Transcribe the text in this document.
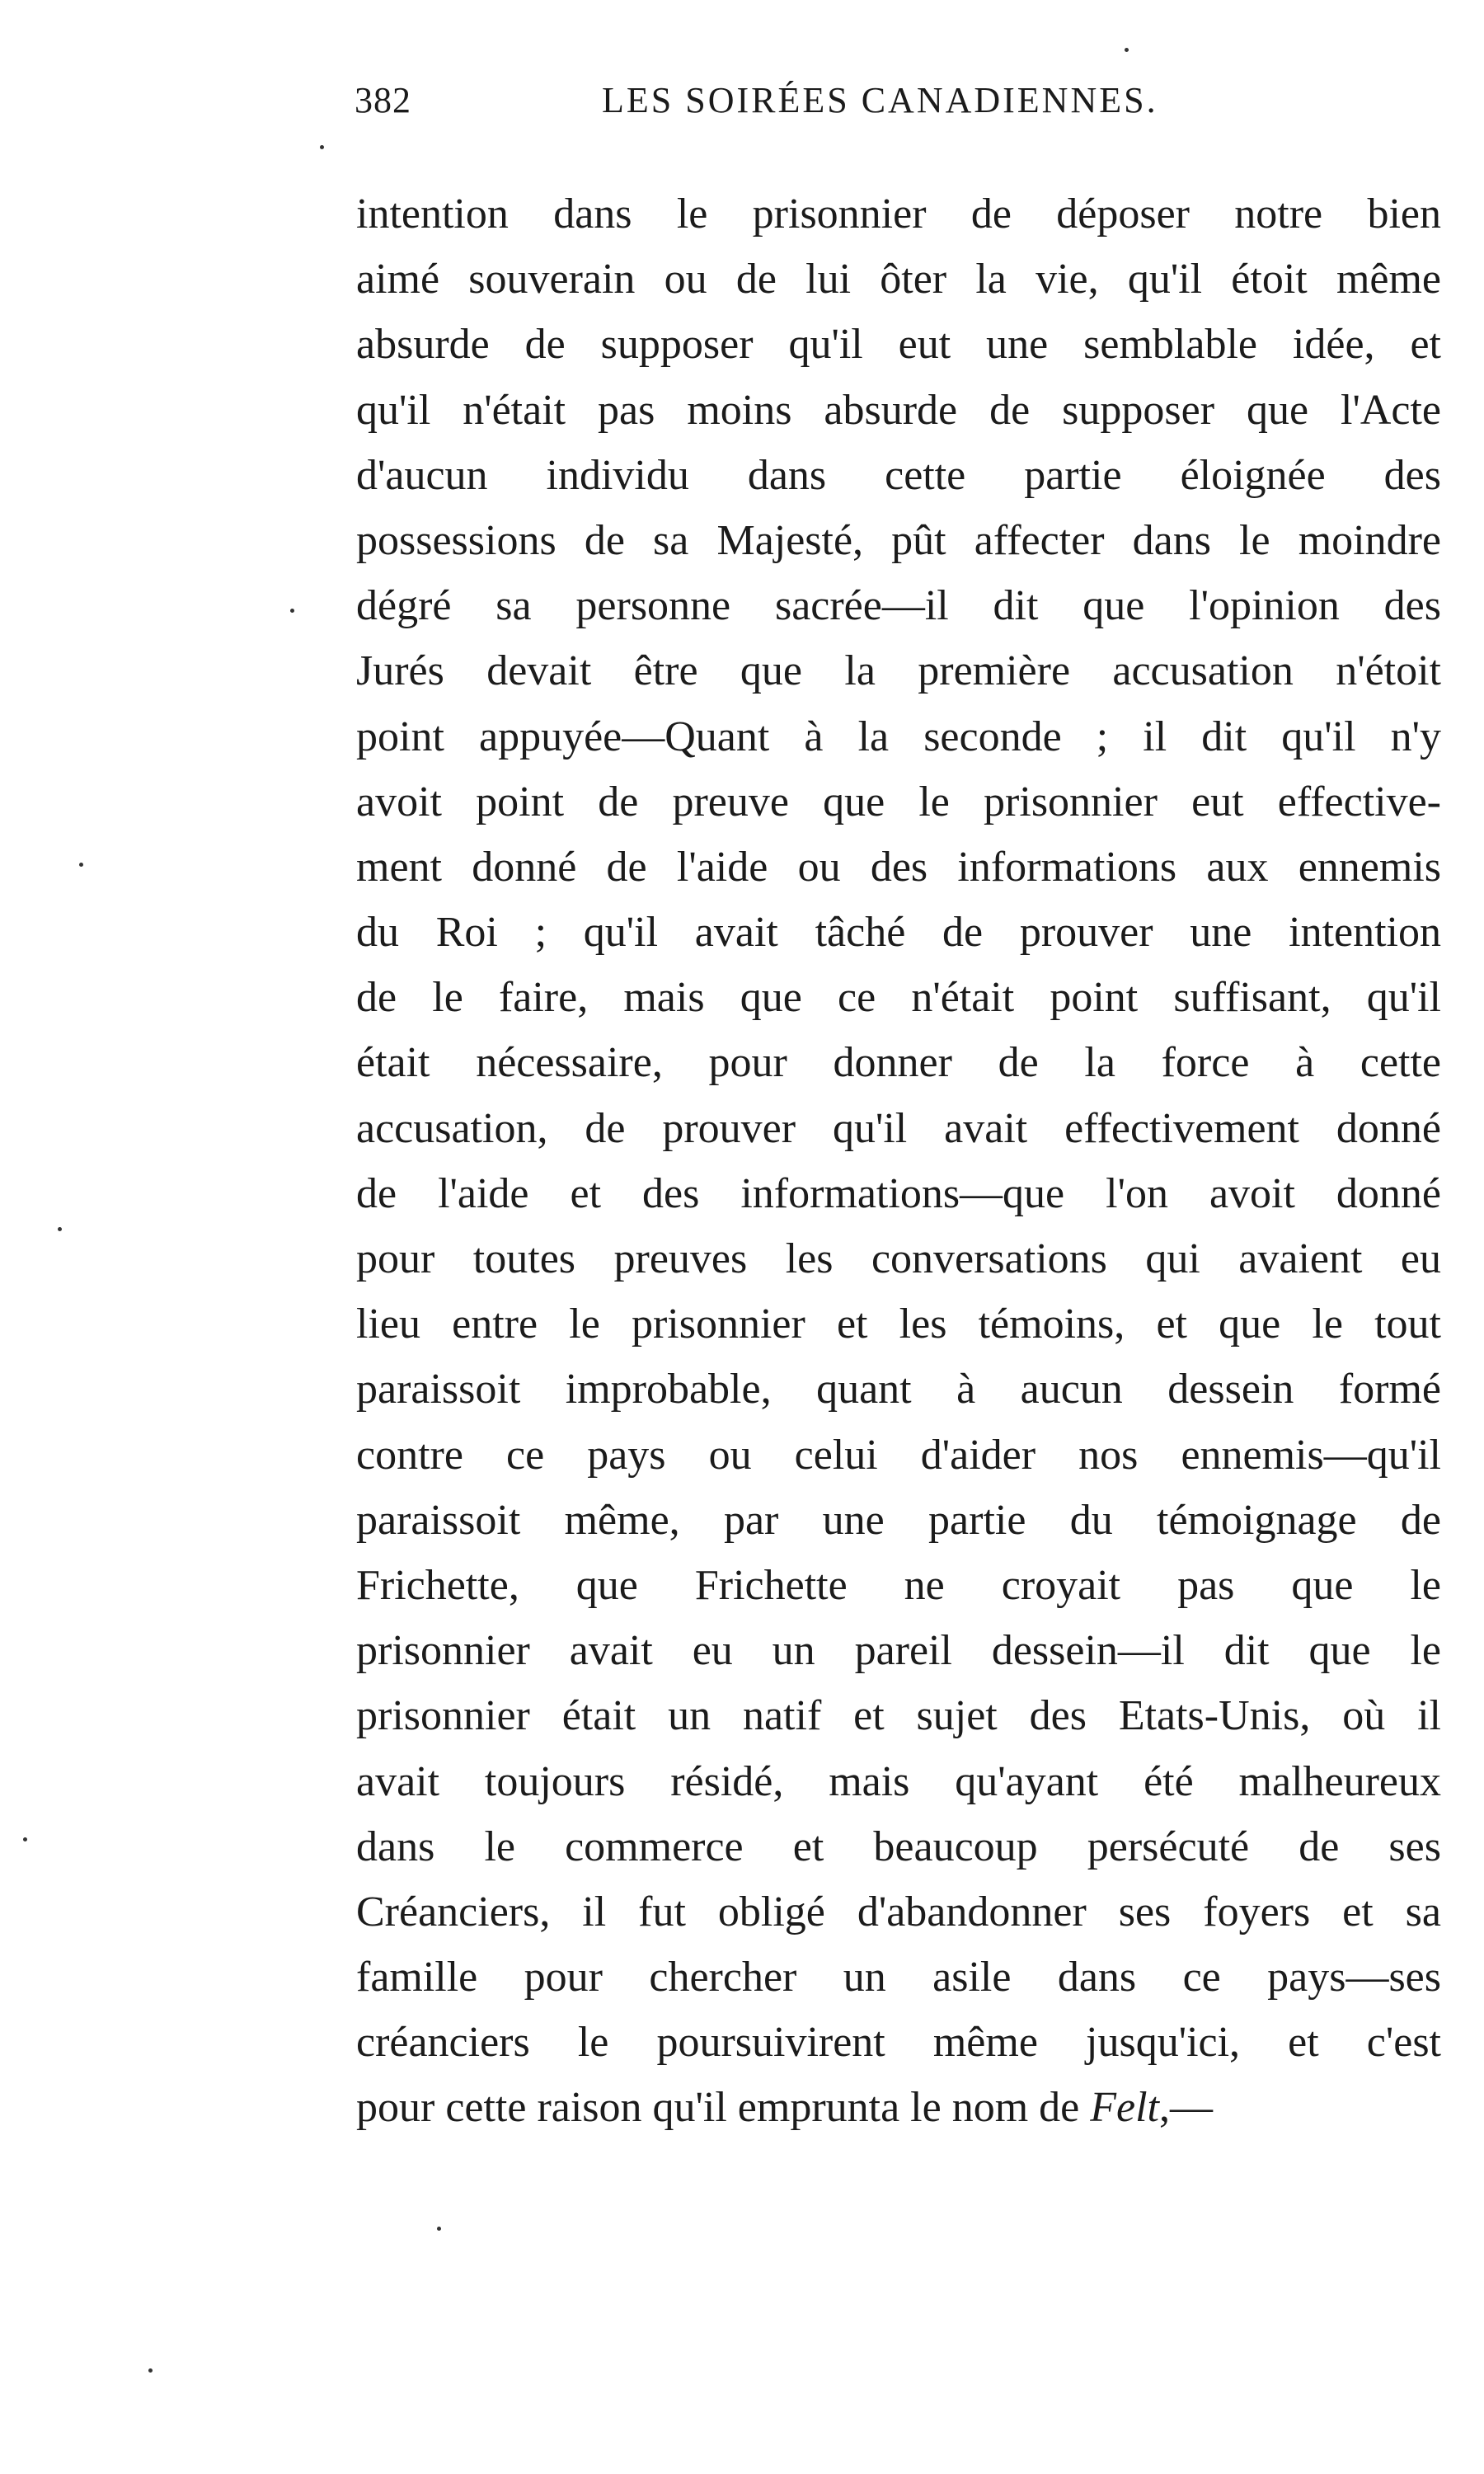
382	LES SOIRÉES CANADIENNES.
intention dans le prisonnier de déposer notre bien
aimé souverain ou de lui ôter la vie, qu'il étoit même
absurde de supposer qu'il eut une semblable idée, et
qu'il n'était pas moins absurde de supposer que l'Acte
d'aucun individu dans cette partie éloignée des
possessions de sa Majesté, pût affecter dans le moindre
dégré sa personne sacrée—il dit que l'opinion des
Jurés devait être que la première accusation n'étoit
point appuyée—Quant à la seconde ; il dit qu'il n'y
avoit point de preuve que le prisonnier eut effective-
ment donné de l'aide ou des informations aux ennemis
du Roi ; qu'il avait tâché de prouver une intention
de le faire, mais que ce n'était point suffisant, qu'il
était nécessaire, pour donner de la force à cette
accusation, de prouver qu'il avait effectivement donné
de l'aide et des informations—que l'on avoit donné
pour toutes preuves les conversations qui avaient eu
lieu entre le prisonnier et les témoins, et que le tout
paraissoit improbable, quant à aucun dessein formé
contre ce pays ou celui d'aider nos ennemis—qu'il
paraissoit même, par une partie du témoignage de
Frichette, que Frichette ne croyait pas que le
prisonnier avait eu un pareil dessein—il dit que le
prisonnier était un natif et sujet des Etats-Unis, où il
avait toujours résidé, mais qu'ayant été malheureux
dans le commerce et beaucoup persécuté de ses
Créanciers, il fut obligé d'abandonner ses foyers et sa
famille pour chercher un asile dans ce pays—ses
créanciers le poursuivirent même jusqu'ici, et c'est
pour cette raison qu'il emprunta le nom de Felt,—
